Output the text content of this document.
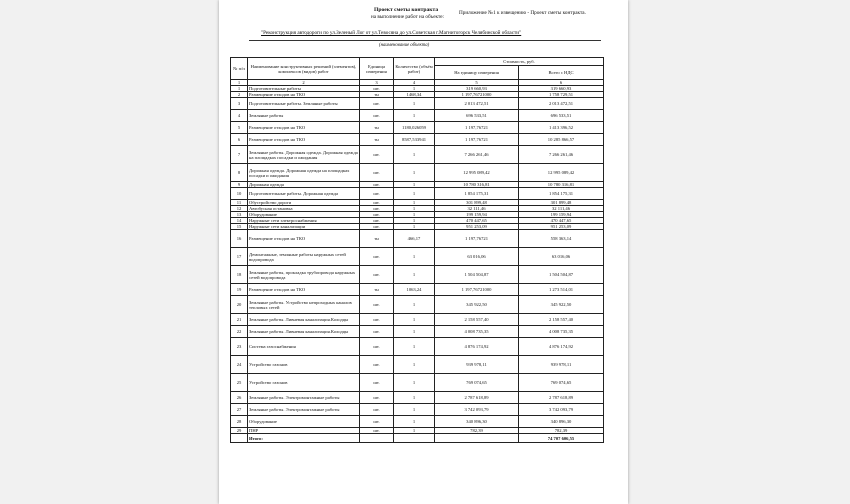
Проект сметы контракта
на выполнение работ на объекте:
Приложение №1 к извещению - Проект сметы контракта.
"Реконструкция автодороги по ул.Зеленый Лог от ул.Тевосяна до ул.Советская г.Магнитогорск Челябинской области"
(наименование объекта)
№ п/п	Наименование конструктивных решений (элементов), комплексов (видов) работ	Единица измерения	Количество (объём работ)	Стоимость, руб.	
				На единицу измерения	Всего с НДС
1	2	3	4	5	6
1	Подготовительные работы	шт.	1	319 660,93	319 660,93
2	Размещение отходов на ТКО	тн	1468,34	1 197,76721000	1 758 729,51
3	Подготовительные работы. Земляные работы	шт.	1	2 013 472,51	2 013 472,51
4	Земляные работы	шт.	1	696 533,51	696 533,51
5	Размещение отходов на ТКО	тн	1180,026059	1 197,76721	1 413 396,52
6	Размещение отходов на ТКО	тн	8587,533941	1 197,76721	10 285 866,57
7	Земляные работы. Дорожная одежда. Дорожная одежда на площадках посадки и ожидания	шт.	1	7 266 261,46	7 266 261,46
8	Дорожная одежда. Дорожная одежда на площадках посадки и ожидания	шт.	1	12 995 089,42	12 995 089,42
9	Дорожная одежда	шт.	1	10 780 316,81	10 780 316,81
10	Подготовительные работы. Дорожная одежда	шт.	1	1 854 175,31	1 854 175,31
11	Обустройство дороги	шт.	1	301 899,48	301 899,48
12	Автобусная остановка	шт.	1	32 111,46	32 111,46
13	Оборудование	шт.	1	199 159,94	199 159,94
14	Наружные сети электроснабжения	шт.	1	470 447,65	470 447,65
15	Наружные сети канализации	шт.	1	951 253,09	951 253,09
16	Размещение отходов на ТКО	тн	466,17	1 197,76721	558 363,14
17	Демонтажные, земляные работы наружных сетей водопровода	шт.	1	63 016,06	63 016,06
18	Земляные работы, прокладка трубопровода наружных сетей водопровода	шт.	1	1 504 504,87	1 504 504,87
19	Размещение отходов на ТКО	тн	1063,24	1 197,76721000	1 273 514,01
20	Земляные работы. Устройство непроходных каналов тепловых сетей	шт.	1	345 922,50	345 922,50
21	Земляные работы. Ливневая канализация.Колодцы	шт.	1	2 158 557,40	2 158 557,40
22	Земляные работы. Ливневая канализация.Колодцы	шт.	1	4 008 735,35	4 008 735,35
23	Система газоснабжения	шт.	1	4 876 174,92	4 876 174,92
24	Устройство газонов	шт.	1	939 978,11	939 978,11
25	Устройство газонов	шт.	1	769 074,65	769 074,65
26	Земляные работы. Электромонтажные работы	шт.	1	2 787 618,89	2 787 618,89
27	Земляные работы. Электромонтажные работы	шт.	1	3 742 093,79	3 742 093,79
28	Оборудование	шт.	1	340 896,30	340 896,30
29	ПНР	шт.	1	782,39	782,39
	Итого:				74 707 606,55
